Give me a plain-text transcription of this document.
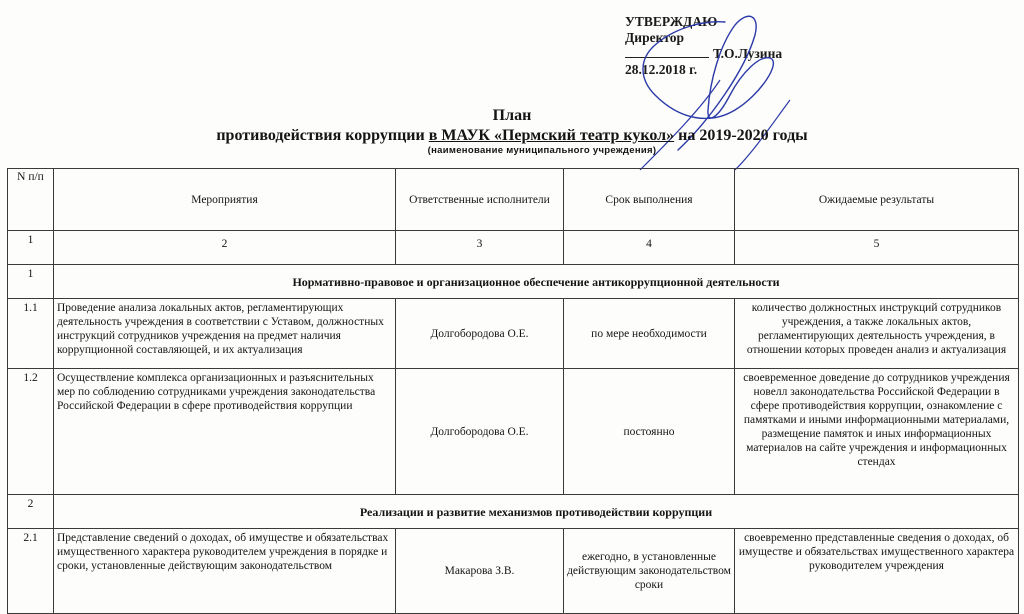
УТВЕРЖДАЮ
Директор
Т.О.Лузина
28.12.2018 г.
План
противодействия коррупции в МАУК «Пермский театр кукол» на 2019-2020 годы
(наименование муниципального учреждения)
N п/п	Мероприятия	Ответственные исполнители	Срок выполнения	Ожидаемые результаты
1	2	3	4	5
1	Нормативно-правовое и организационное обеспечение антикоррупционной деятельности			
1.1	Проведение анализа локальных актов, регламентирующих деятельность учреждения в соответствии с Уставом, должностных инструкций сотрудников учреждения на предмет наличия коррупционной составляющей, и их актуализация	Долгобородова О.Е.	по мере необходимости	количество должностных инструкций сотрудников учреждения, а также локальных актов, регламентирующих деятельность учреждения, в отношении которых проведен анализ и актуализация
1.2	Осуществление комплекса организационных и разъяснительных мер по соблюдению сотрудниками учреждения законодательства Российской Федерации в сфере противодействия коррупции	Долгобородова О.Е.	постоянно	своевременное доведение до сотрудников учреждения новелл законодательства Российской Федерации в сфере противодействия коррупции, ознакомление с памятками и иными информационными материалами, размещение памяток и иных информационных материалов на сайте учреждения и информационных стендах
2	Реализации и развитие механизмов противодействии коррупции			
2.1	Представление сведений о доходах, об имуществе и обязательствах имущественного характера руководителем учреждения в порядке и сроки, установленные действующим законодательством	Макарова З.В.	ежегодно, в установленные действующим законодательством сроки	своевременно представленные сведения о доходах, об имуществе и обязательствах имущественного характера руководителем учреждения
